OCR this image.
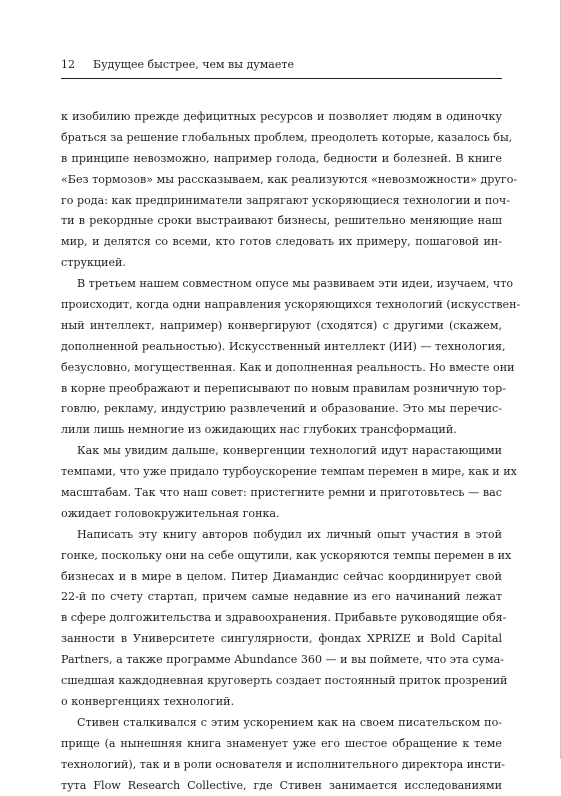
12	Будущее быстрее, чем вы думаете
к изобилию прежде дефицитных ресурсов и позволяет людям в одиночку
браться за решение глобальных проблем, преодолеть которые, казалось бы,
в принципе невозможно, например голода, бедности и болезней. В книге
«Без тормозов» мы рассказываем, как реализуются «невозможности» друго-
го рода: как предприниматели запрягают ускоряющиеся технологии и поч-
ти в рекордные сроки выстраивают бизнесы, решительно меняющие наш
мир, и делятся со всеми, кто готов следовать их примеру, пошаговой ин-
струкцией.
В третьем нашем совместном опусе мы развиваем эти идеи, изучаем, что
происходит, когда одни направления ускоряющихся технологий (искусствен-
ный интеллект, например) конвергируют (сходятся) с другими (скажем,
дополненной реальностью). Искусственный интеллект (ИИ) — технология,
безусловно, могущественная. Как и дополненная реальность. Но вместе они
в корне преображают и переписывают по новым правилам розничную тор-
говлю, рекламу, индустрию развлечений и образование. Это мы перечис-
лили лишь немногие из ожидающих нас глубоких трансформаций.
Как мы увидим дальше, конвергенции технологий идут нарастающими
темпами, что уже придало турбоускорение темпам перемен в мире, как и их
масштабам. Так что наш совет: пристегните ремни и приготовьтесь — вас
ожидает головокружительная гонка.
Написать эту книгу авторов побудил их личный опыт участия в этой
гонке, поскольку они на себе ощутили, как ускоряются темпы перемен в их
бизнесах и в мире в целом. Питер Диамандис сейчас координирует свой
22-й по счету стартап, причем самые недавние из его начинаний лежат
в сфере долгожительства и здравоохранения. Прибавьте руководящие обя-
занности в Университете сингулярности, фондах XPRIZE и Bold Capital
Partners, а также программе Abundance 360 — и вы поймете, что эта сума-
сшедшая каждодневная круговерть создает постоянный приток прозрений
о конвергенциях технологий.
Стивен сталкивался с этим ускорением как на своем писательском по-
прище (а нынешняя книга знаменует уже его шестое обращение к теме
технологий), так и в роли основателя и исполнительного директора инсти-
тута Flow Research Collective, где Стивен занимается исследованиями
